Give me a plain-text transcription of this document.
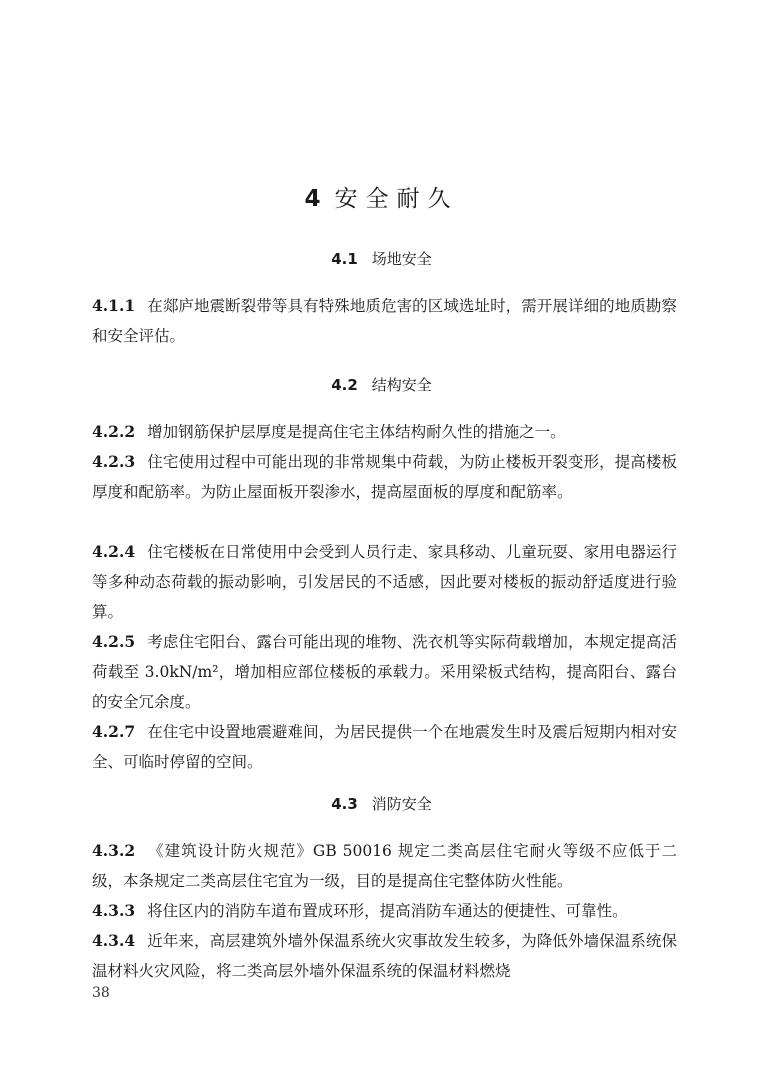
4 安全耐久
4.1 场地安全
4.1.1 在郯庐地震断裂带等具有特殊地质危害的区域选址时，需开展详细的地质勘察和安全评估。
4.2 结构安全
4.2.2 增加钢筋保护层厚度是提高住宅主体结构耐久性的措施之一。
4.2.3 住宅使用过程中可能出现的非常规集中荷载，为防止楼板开裂变形，提高楼板厚度和配筋率。为防止屋面板开裂渗水，提高屋面板的厚度和配筋率。
4.2.4 住宅楼板在日常使用中会受到人员行走、家具移动、儿童玩耍、家用电器运行等多种动态荷载的振动影响，引发居民的不适感，因此要对楼板的振动舒适度进行验算。
4.2.5 考虑住宅阳台、露台可能出现的堆物、洗衣机等实际荷载增加，本规定提高活荷载至 3.0kN/m²，增加相应部位楼板的承载力。采用梁板式结构，提高阳台、露台的安全冗余度。
4.2.7 在住宅中设置地震避难间，为居民提供一个在地震发生时及震后短期内相对安全、可临时停留的空间。
4.3 消防安全
4.3.2 《建筑设计防火规范》GB 50016 规定二类高层住宅耐火等级不应低于二级，本条规定二类高层住宅宜为一级，目的是提高住宅整体防火性能。
4.3.3 将住区内的消防车道布置成环形，提高消防车通达的便捷性、可靠性。
4.3.4 近年来，高层建筑外墙外保温系统火灾事故发生较多，为降低外墙保温系统保温材料火灾风险，将二类高层外墙外保温系统的保温材料燃烧
38
